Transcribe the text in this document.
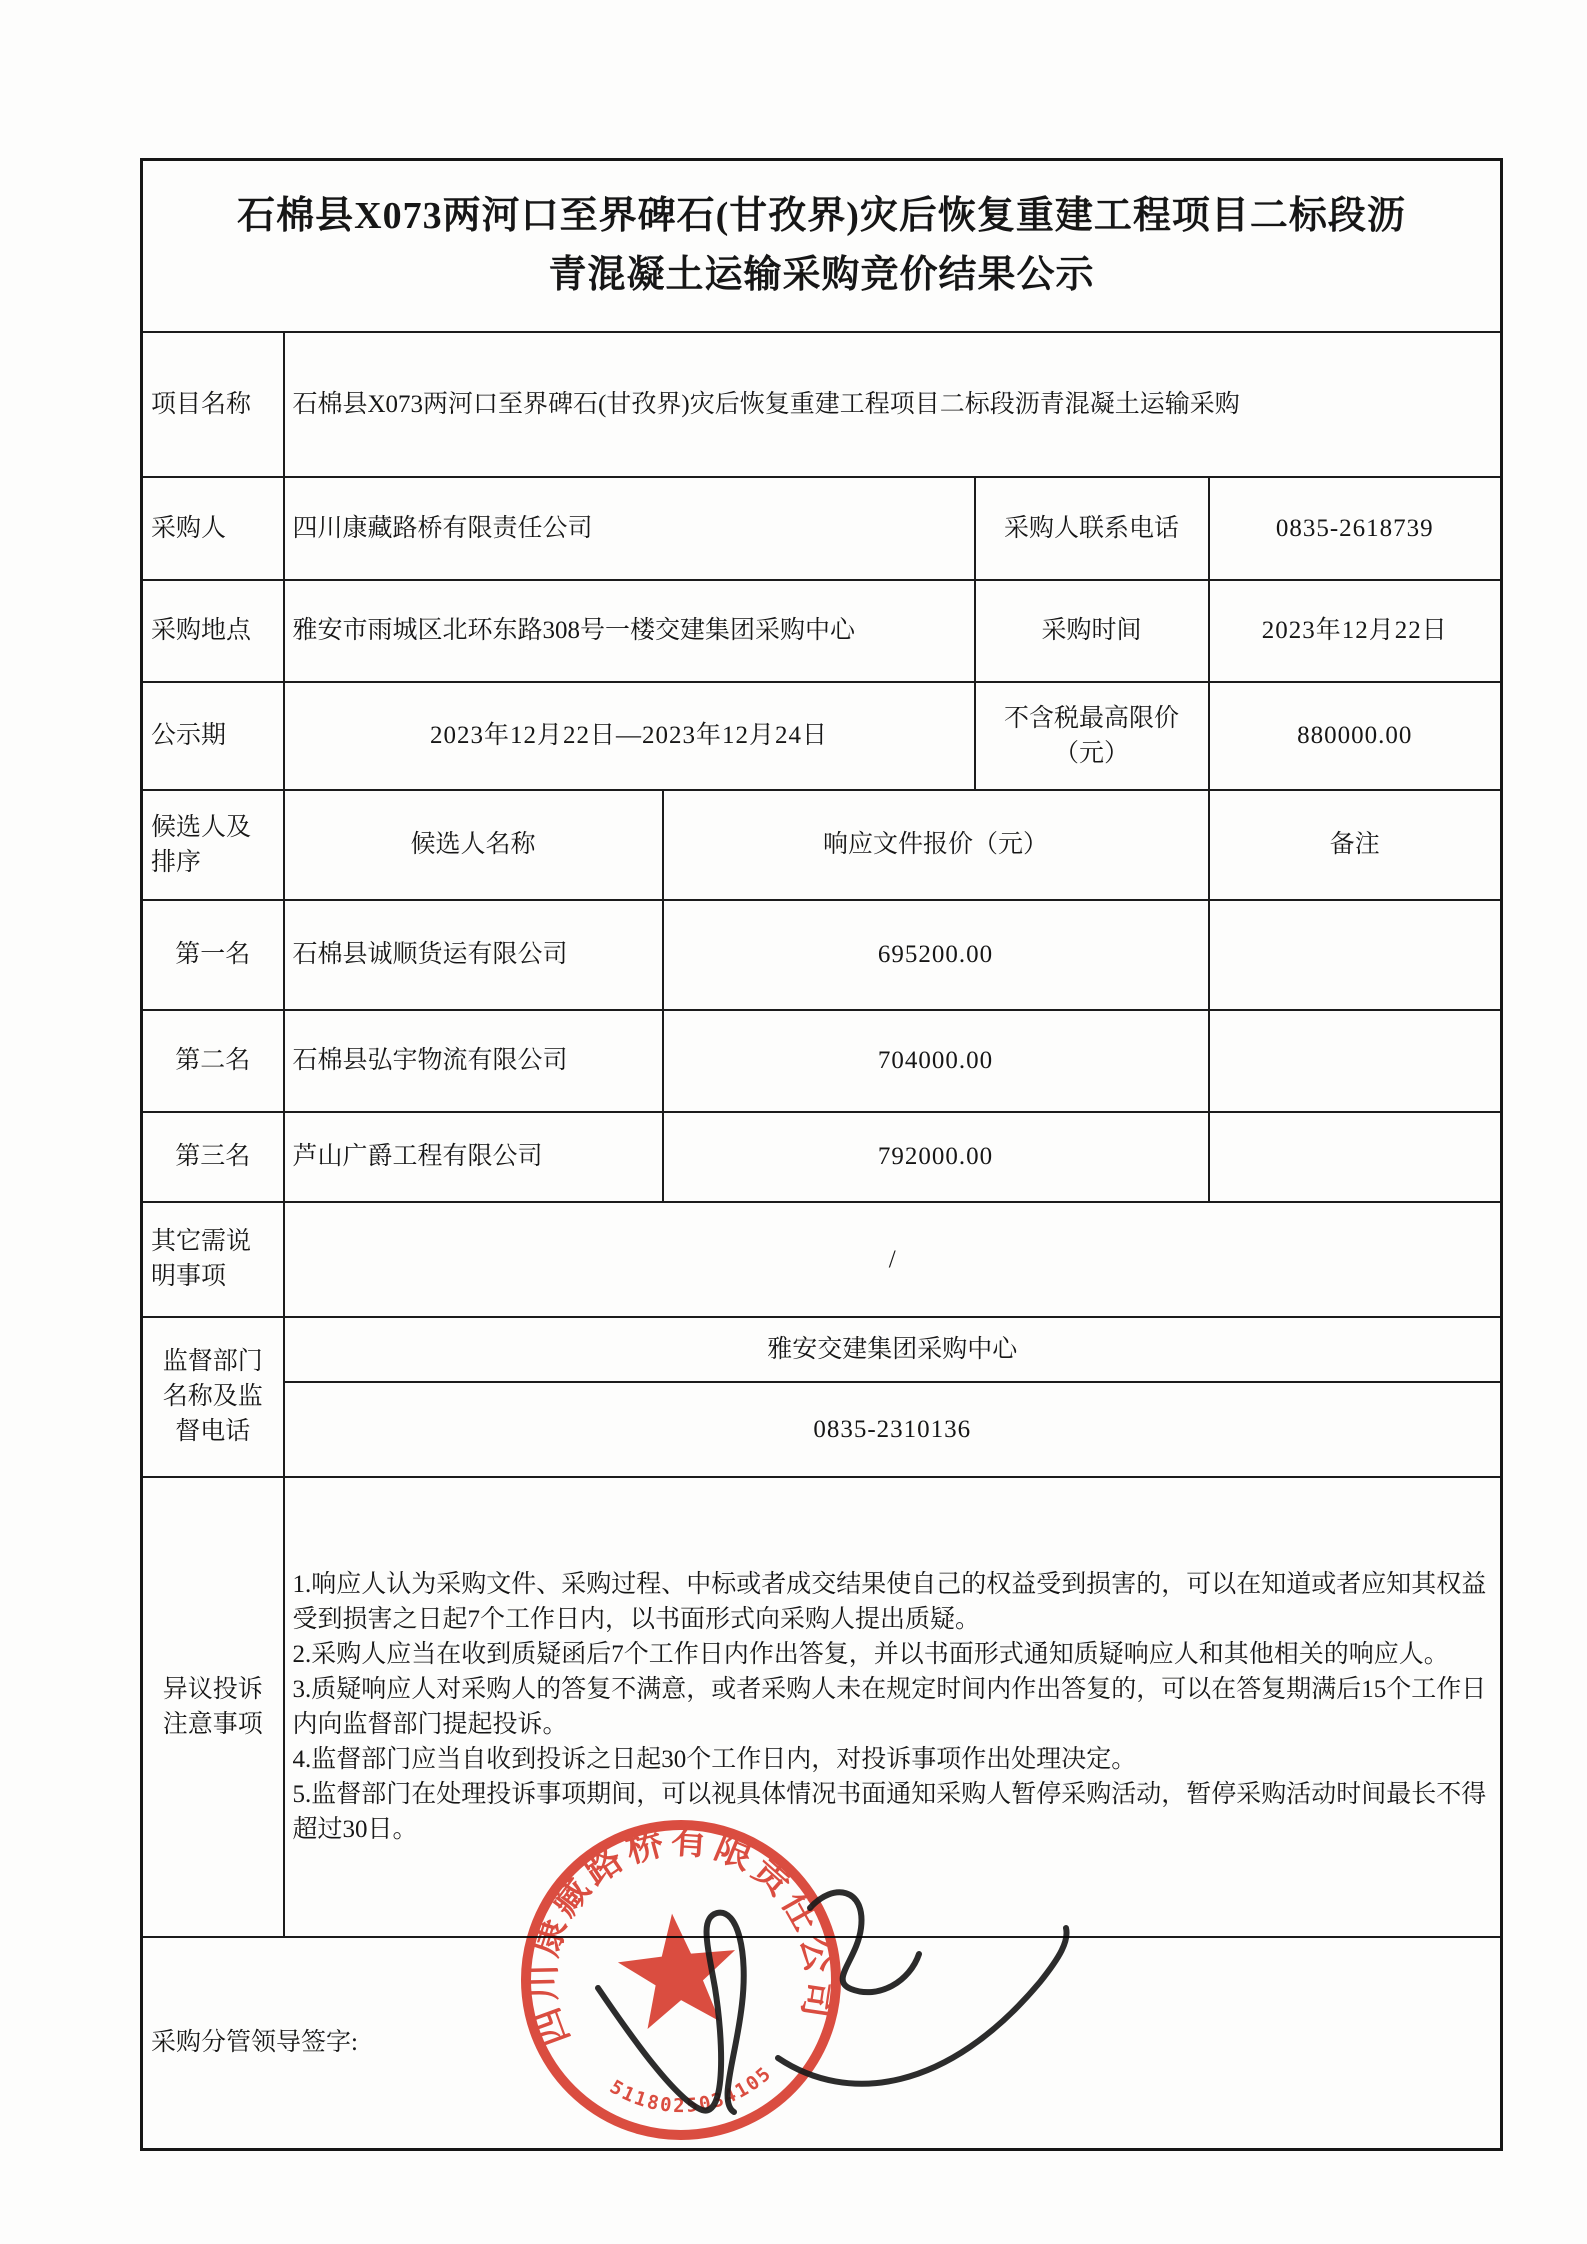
石棉县X073两河口至界碑石(甘孜界)灾后恢复重建工程项目二标段沥青混凝土运输采购竞价结果公示				
项目名称	石棉县X073两河口至界碑石(甘孜界)灾后恢复重建工程项目二标段沥青混凝土运输采购			
采购人	四川康藏路桥有限责任公司		采购人联系电话	0835-2618739
采购地点	雅安市雨城区北环东路308号一楼交建集团采购中心		采购时间	2023年12月22日
公示期	2023年12月22日—2023年12月24日		不含税最高限价（元）	880000.00
候选人及排序	候选人名称	响应文件报价（元）		备注
第一名	石棉县诚顺货运有限公司	695200.00		
第二名	石棉县弘宇物流有限公司	704000.00		
第三名	芦山广爵工程有限公司	792000.00		
其它需说明事项	/			
监督部门名称及监督电话	雅安交建集团采购中心			
	0835-2310136			
异议投诉注意事项	1.响应人认为采购文件、采购过程、中标或者成交结果使自己的权益受到损害的，可以在知道或者应知其权益受到损害之日起7个工作日内，以书面形式向采购人提出质疑。

2.采购人应当在收到质疑函后7个工作日内作出答复，并以书面形式通知质疑响应人和其他相关的响应人。

3.质疑响应人对采购人的答复不满意，或者采购人未在规定时间内作出答复的，可以在答复期满后15个工作日内向监督部门提起投诉。

4.监督部门应当自收到投诉之日起30个工作日内，对投诉事项作出处理决定。

5.监督部门在处理投诉事项期间，可以视具体情况书面通知采购人暂停采购活动，暂停采购活动时间最长不得超过30日。			

采购分管领导签字:					四川康藏路桥有限责任公司
5118025034105
